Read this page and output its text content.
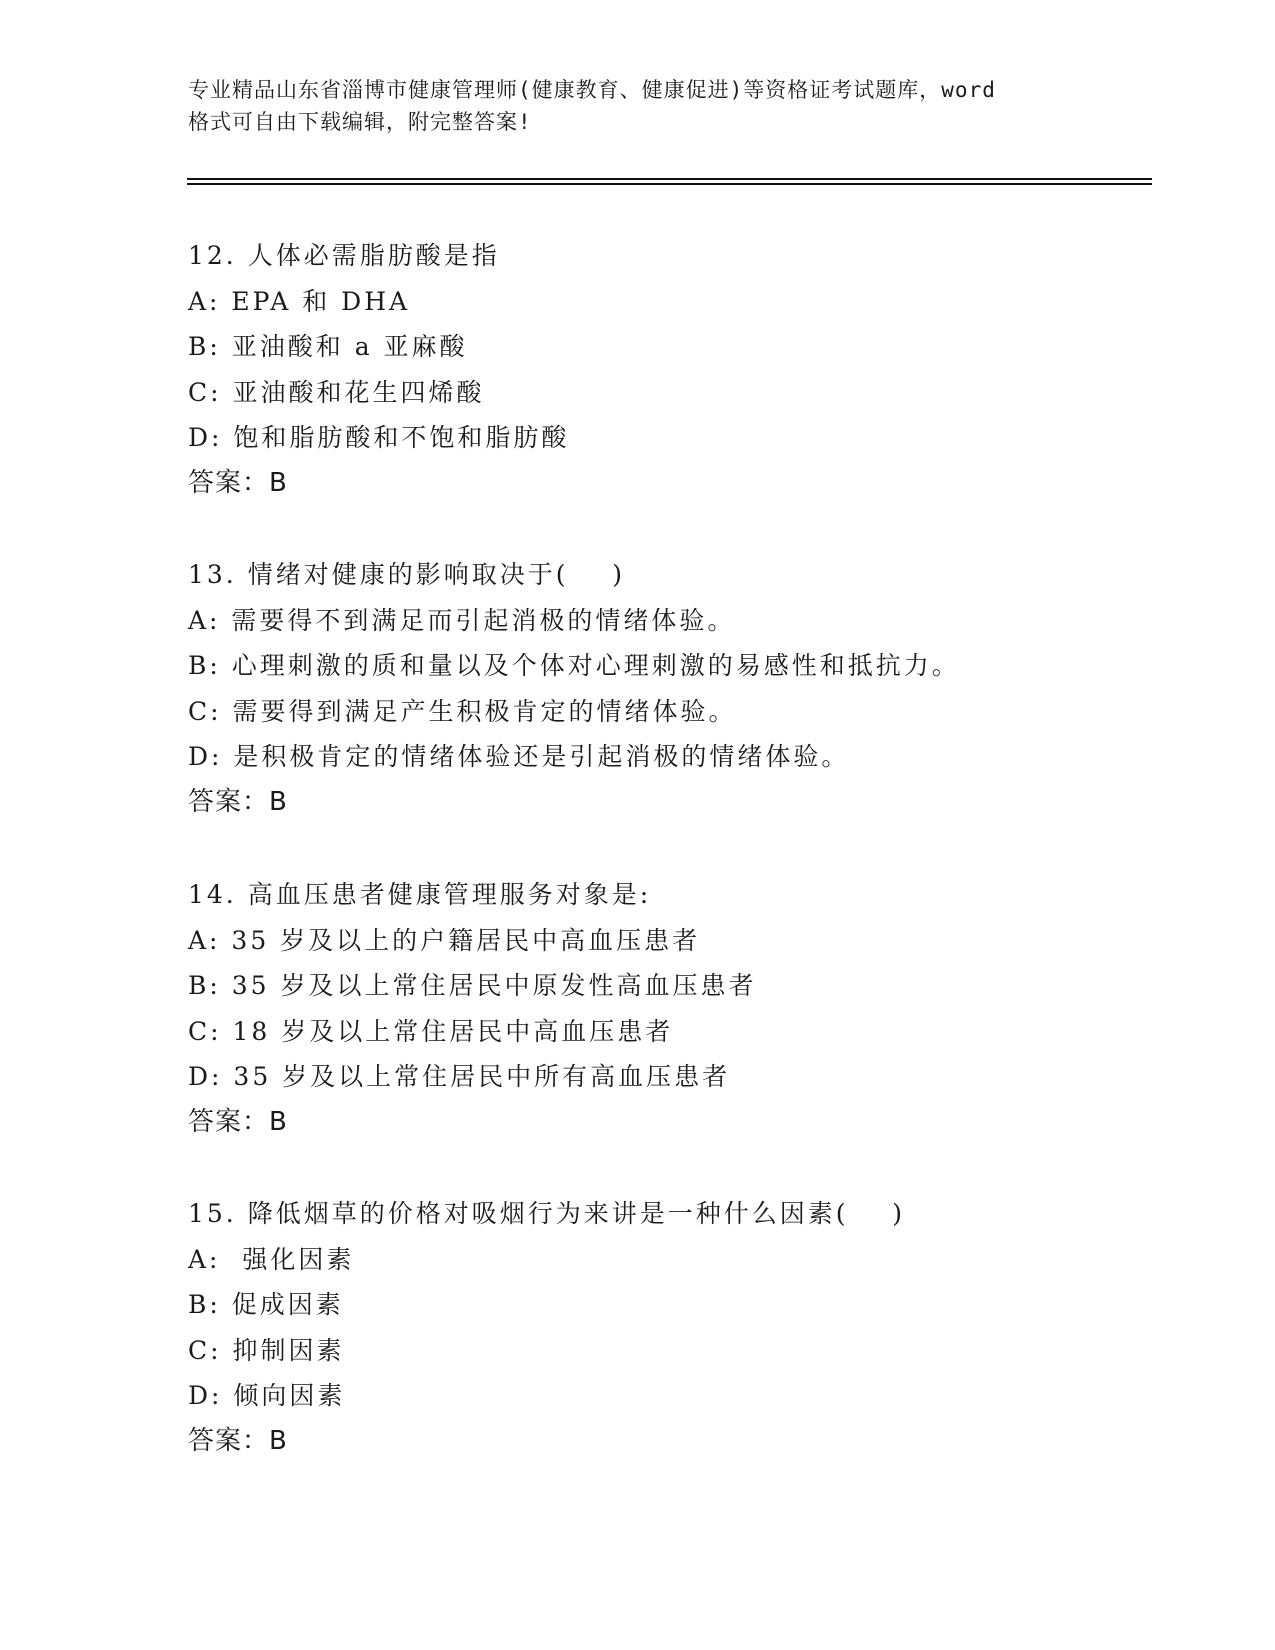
专业精品山东省淄博市健康管理师(健康教育、健康促进)等资格证考试题库，word
格式可自由下载编辑，附完整答案!
12. 人体必需脂肪酸是指
A: EPA 和 DHA
B: 亚油酸和 a 亚麻酸
C: 亚油酸和花生四烯酸
D: 饱和脂肪酸和不饱和脂肪酸
答案：B
13. 情绪对健康的影响取决于(    )
A: 需要得不到满足而引起消极的情绪体验。
B: 心理刺激的质和量以及个体对心理刺激的易感性和抵抗力。
C: 需要得到满足产生积极肯定的情绪体验。
D: 是积极肯定的情绪体验还是引起消极的情绪体验。
答案：B
14. 高血压患者健康管理服务对象是:
A: 35 岁及以上的户籍居民中高血压患者
B: 35 岁及以上常住居民中原发性高血压患者
C: 18 岁及以上常住居民中高血压患者
D: 35 岁及以上常住居民中所有高血压患者
答案：B
15. 降低烟草的价格对吸烟行为来讲是一种什么因素(    )
A:  强化因素
B: 促成因素
C: 抑制因素
D: 倾向因素
答案：B
